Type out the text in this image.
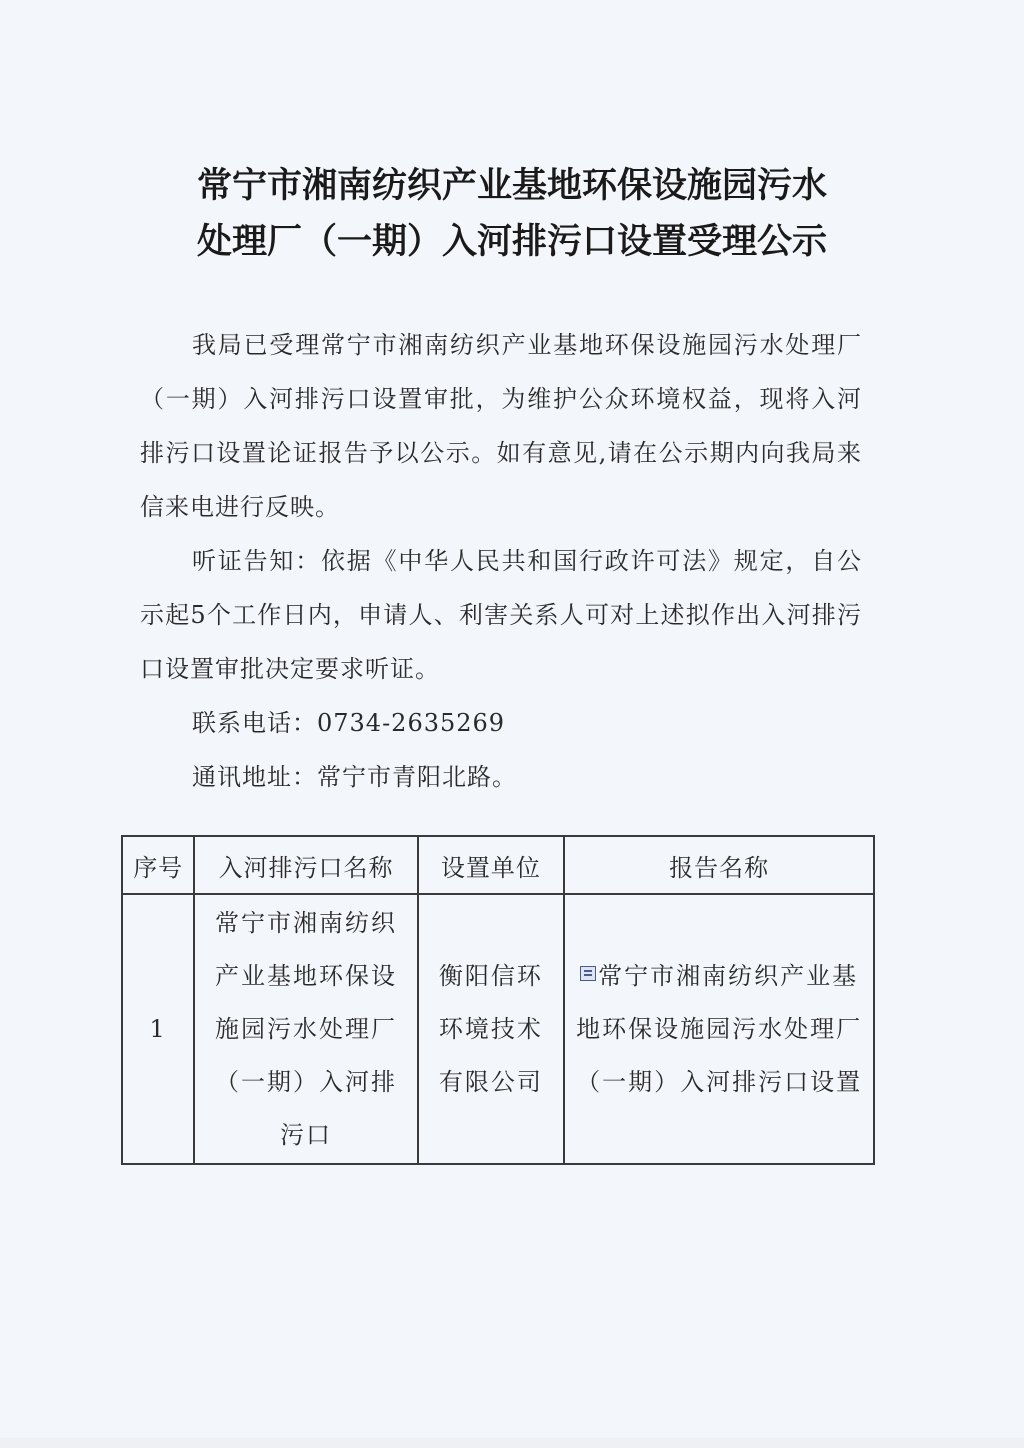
常宁市湘南纺织产业基地环保设施园污水
处理厂（一期）入河排污口设置受理公示

我局已受理常宁市湘南纺织产业基地环保设施园污水处理厂（一期）入河排污口设置审批，为维护公众环境权益，现将入河排污口设置论证报告予以公示。如有意见,请在公示期内向我局来信来电进行反映。

听证告知：依据《中华人民共和国行政许可法》规定，自公示起5个工作日内，申请人、利害关系人可对上述拟作出入河排污口设置审批决定要求听证。

联系电话：0734-2635269

通讯地址：常宁市青阳北路。

序号	入河排污口名称	设置单位	报告名称
1	常宁市湘南纺织产业基地环保设施园污水处理厂（一期）入河排污口	衡阳信环环境技术有限公司	常宁市湘南纺织产业基地环保设施园污水处理厂（一期）入河排污口设置
